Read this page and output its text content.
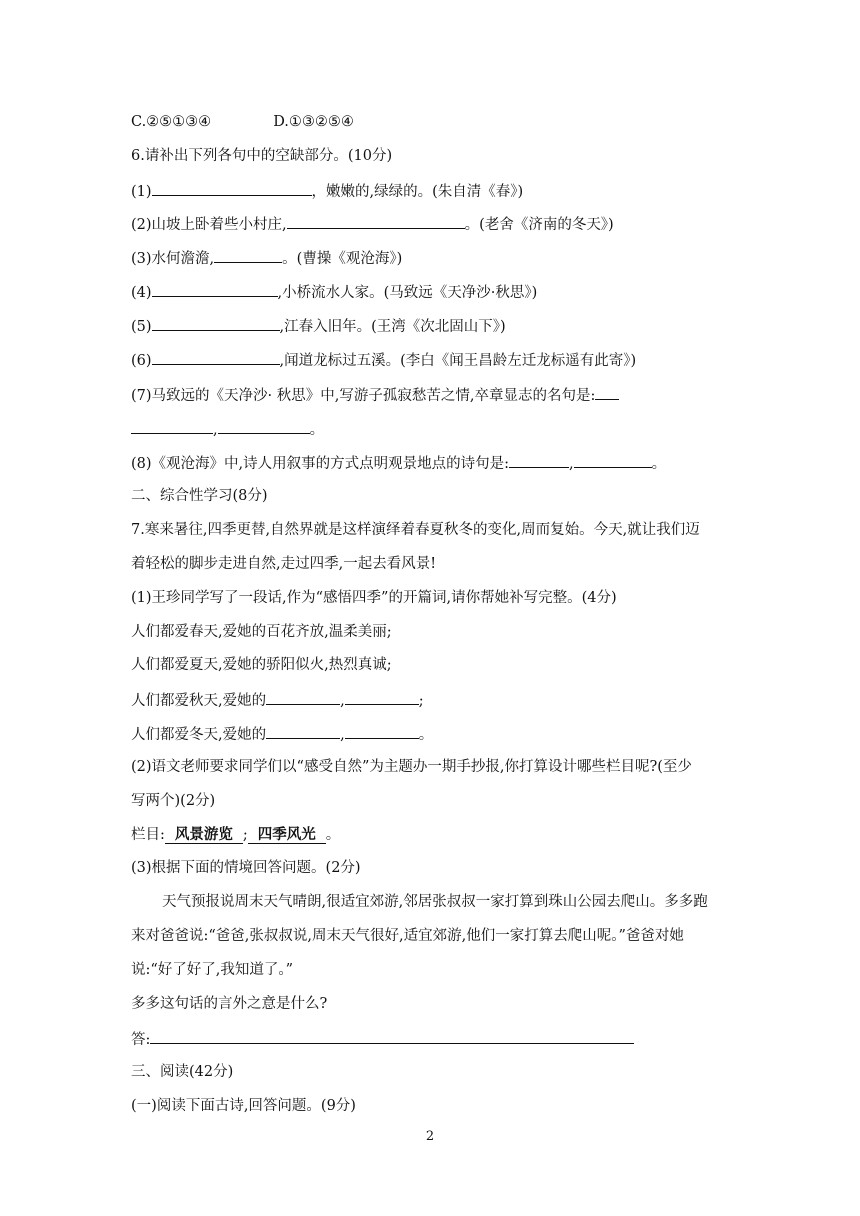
C.②⑤①③④	D.①③②⑤④
6.请补出下列各句中的空缺部分。(10分)
(1)	，嫩嫩的,绿绿的。(朱自清《春》)
(2)山坡上卧着些小村庄,	。(老舍《济南的冬天》)
(3)水何澹澹,	。(曹操《观沧海》)
(4)	,小桥流水人家。(马致远《天净沙·秋思》)
(5)	,江春入旧年。(王湾《次北固山下》)
(6)	,闻道龙标过五溪。(李白《闻王昌龄左迁龙标遥有此寄》)
(7)马致远的《天净沙· 秋思》中,写游子孤寂愁苦之情,卒章显志的名句是:
,	。
(8)《观沧海》中,诗人用叙事的方式点明观景地点的诗句是:	,	。
二、综合性学习(8分)
7.寒来暑往,四季更替,自然界就是这样演绎着春夏秋冬的变化,周而复始。今天,就让我们迈
着轻松的脚步走进自然,走过四季,一起去看风景!
(1)王珍同学写了一段话,作为“感悟四季”的开篇词,请你帮她补写完整。(4分)
人们都爱春天,爱她的百花齐放,温柔美丽;
人们都爱夏天,爱她的骄阳似火,热烈真诚;
人们都爱秋天,爱她的	,	;
人们都爱冬天,爱她的	,	。
(2)语文老师要求同学们以“感受自然”为主题办一期手抄报,你打算设计哪些栏目呢?(至少
写两个)(2分)
栏目: 风景游览 ; 四季风光 。
(3)根据下面的情境回答问题。(2分)
天气预报说周末天气晴朗,很适宜郊游,邻居张叔叔一家打算到珠山公园去爬山。多多跑
来对爸爸说:“爸爸,张叔叔说,周末天气很好,适宜郊游,他们一家打算去爬山呢。”爸爸对她
说:“好了好了,我知道了。”
多多这句话的言外之意是什么?
答:
三、阅读(42分)
(一)阅读下面古诗,回答问题。(9分)
2
